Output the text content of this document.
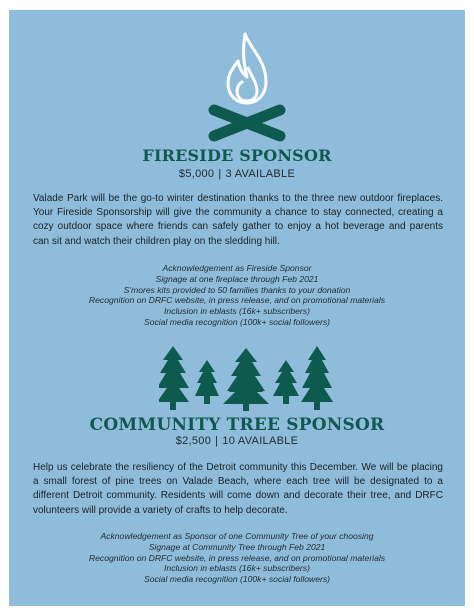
FIRESIDE SPONSOR
$5,000 | 3 AVAILABLE

Valade Park will be the go-to winter destination thanks to the three new outdoor fireplaces. Your Fireside Sponsorship will give the community a chance to stay connected, creating a cozy outdoor space where friends can safely gather to enjoy a hot beverage and parents can sit and watch their children play on the sledding hill.

Acknowledgement as Fireside Sponsor
Signage at one fireplace through Feb 2021
S'mores kits provided to 50 families thanks to your donation
Recognition on DRFC website, in press release, and on promotional materials
Inclusion in eblasts (16k+ subscribers)
Social media recognition (100k+ social followers)
COMMUNITY TREE SPONSOR
$2,500 | 10 AVAILABLE

Help us celebrate the resiliency of the Detroit community this December. We will be placing a small forest of pine trees on Valade Beach, where each tree will be designated to a different Detroit community. Residents will come down and decorate their tree, and DRFC volunteers will provide a variety of crafts to help decorate.

Acknowledgement as Sponsor of one Community Tree of your choosing
Signage at Community Tree through Feb 2021
Recognition on DRFC website, in press release, and on promotional materials
Inclusion in eblasts (16k+ subscribers)
Social media recognition (100k+ social followers)
